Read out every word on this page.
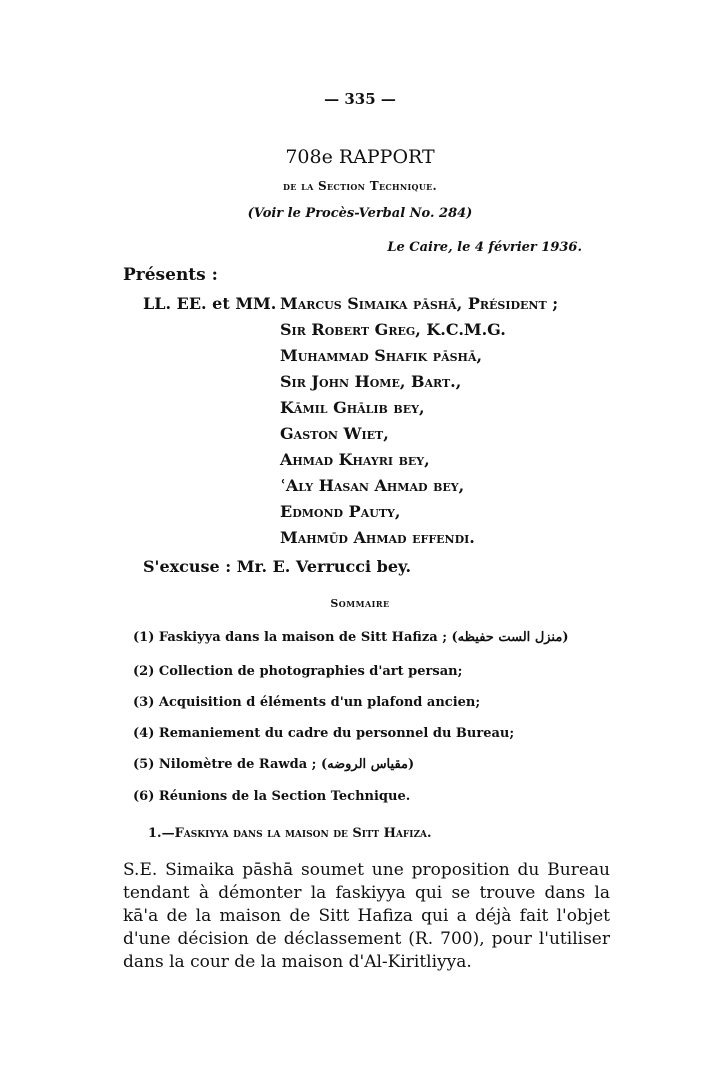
— 335 —
708e RAPPORT
de la Section Technique.
(Voir le Procès-Verbal No. 284)
Le Caire, le 4 février 1936.
Présents :
LL. EE. et MM. Marcus Simaika pāshā, Président ;
Sir Robert Greg, K.C.M.G.
Muhammad Shafik pāshā,
Sir John Home, Bart.,
Kāmil Ghālib bey,
Gaston Wiet,
Ahmad Khayri bey,
ʿAly Hasan Ahmad bey,
Edmond Pauty,
Mahmūd Ahmad effendi.
S'excuse : Mr. E. Verrucci bey.
Sommaire
(1) Faskiyya dans la maison de Sitt Hafiza (منزل الست حفيظه) ;
(2) Collection de photographies d'art persan;
(3) Acquisition d éléments d'un plafond ancien;
(4) Remaniement du cadre du personnel du Bureau;
(5) Nilomètre de Rawda (مقياس الروضه) ;
(6) Réunions de la Section Technique.
1.—Faskiyya dans la maison de Sitt Hafiza.
S.E. Simaika pāshā soumet une proposition du Bureau tendant à démonter la faskiyya qui se trouve dans la kā'a de la maison de Sitt Hafiza qui a déjà fait l'objet d'une décision de déclassement (R. 700), pour l'utiliser dans la cour de la maison d'Al-Kiritliyya.
